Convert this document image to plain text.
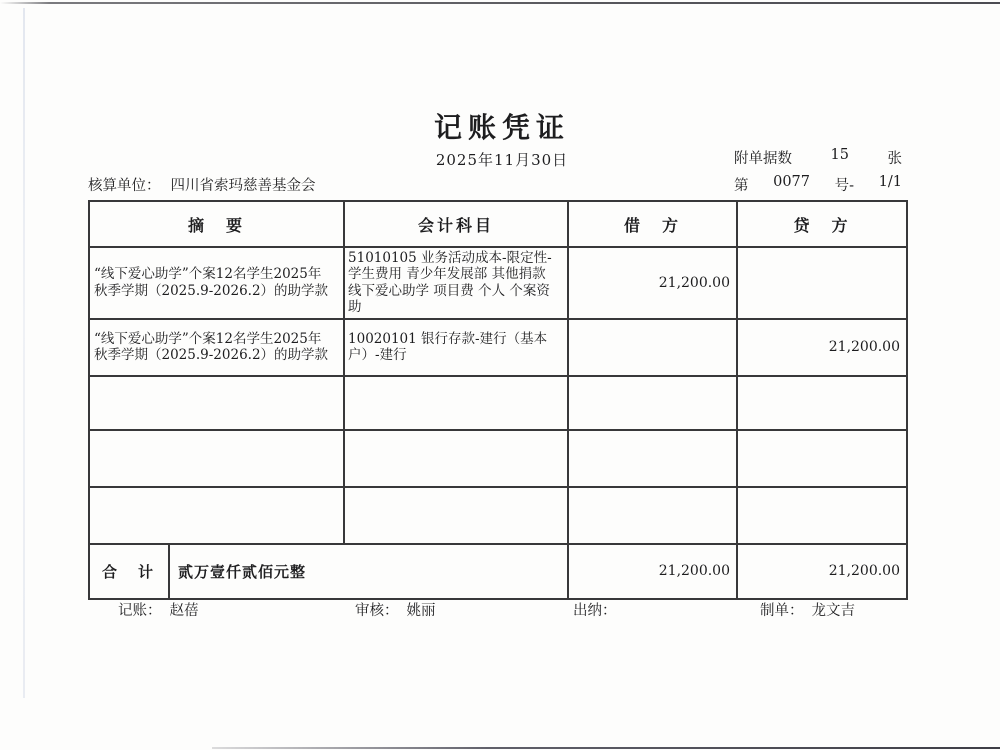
记账凭证
2025年11月30日	附单据数	15	张
核算单位： 四川省索玛慈善基金会	第 0077 号- 1/1
摘　要		会计科目	借　方	贷　方
“线下爱心助学”个案12名学生2025年秋季学期（2025.9-2026.2）的助学款		51010105 业务活动成本-限定性-学生费用 青少年发展部 其他捐款 线下爱心助学 项目费 个人 个案资助	21,200.00	
“线下爱心助学”个案12名学生2025年秋季学期（2025.9-2026.2）的助学款		10020101 银行存款-建行（基本户）-建行		21,200.00

合　计	贰万壹仟贰佰元整		21,200.00	21,200.00
记账： 赵蓓	审核： 姚丽	出纳：	制单： 龙文吉
